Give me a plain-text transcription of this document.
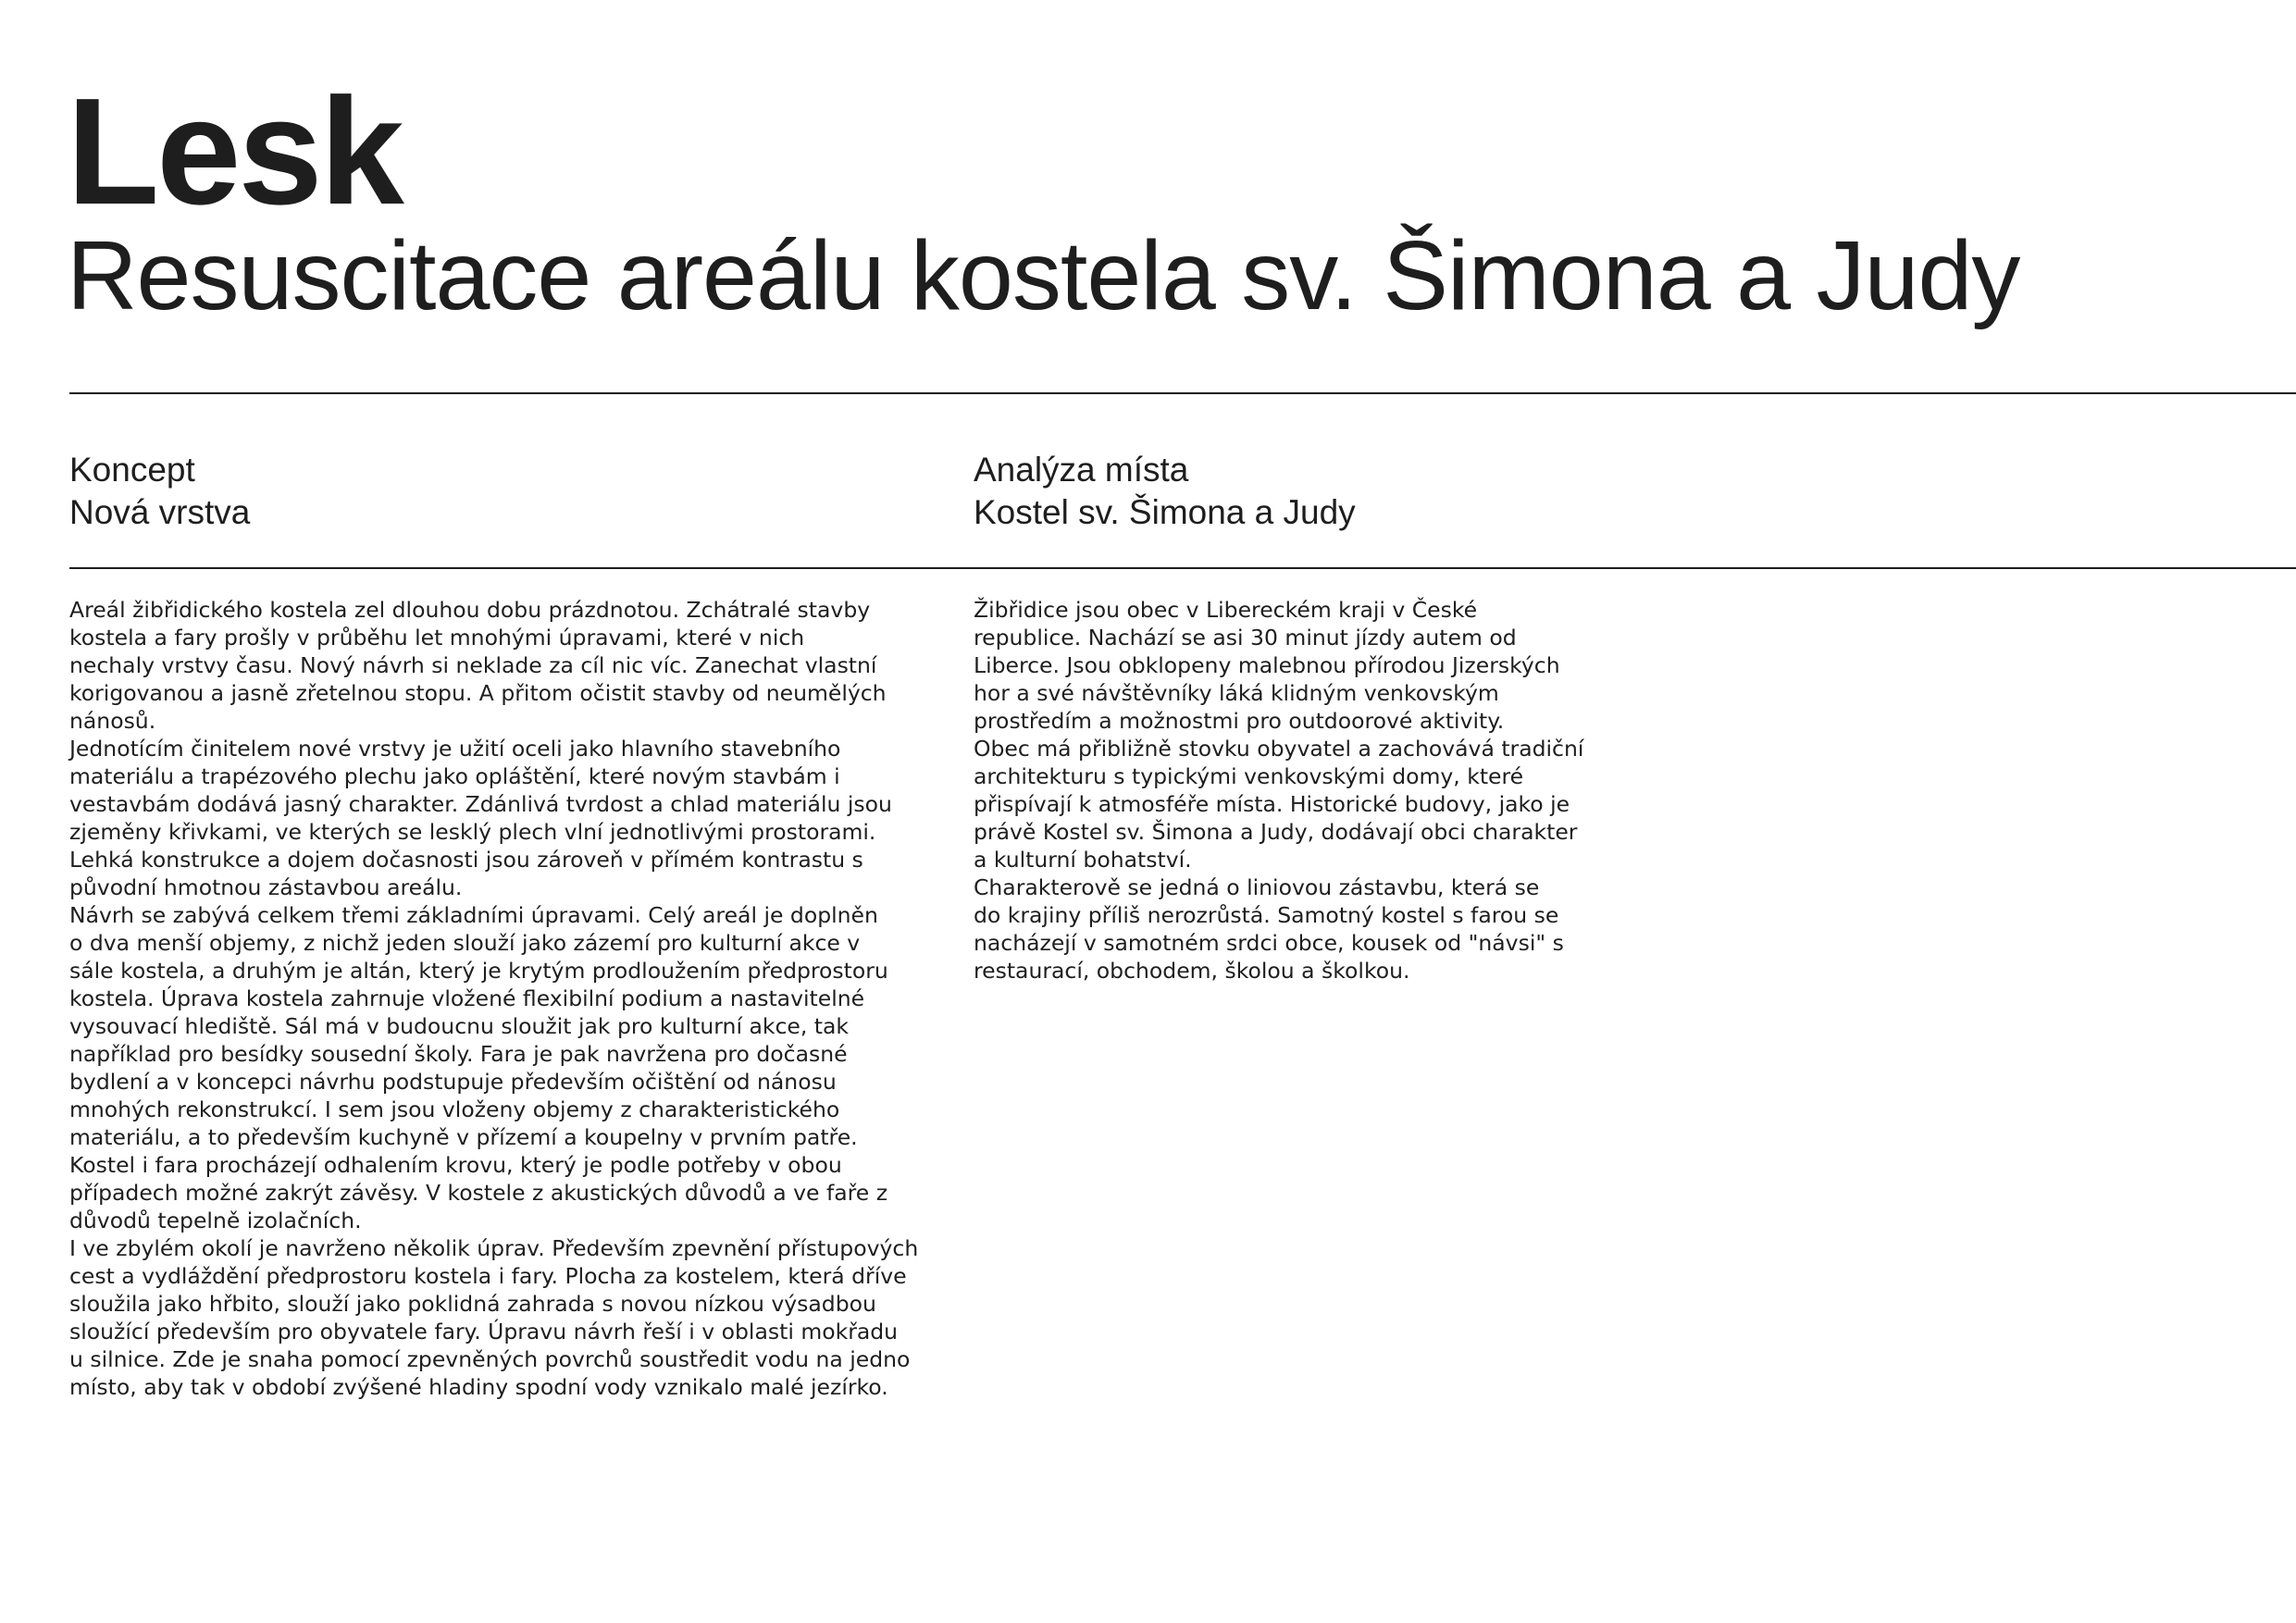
Lesk
Resuscitace areálu kostela sv. Šimona a Judy
Koncept
Nová vrstva
Analýza místa
Kostel sv. Šimona a Judy

Areál žibřidického kostela zel dlouhou dobu prázdnotou. Zchátralé stavby
kostela a fary prošly v průběhu let mnohými úpravami, které v nich
nechaly vrstvy času. Nový návrh si neklade za cíl nic víc. Zanechat vlastní
korigovanou a jasně zřetelnou stopu. A přitom očistit stavby od neumělých
nánosů.

Jednotícím činitelem nové vrstvy je užití oceli jako hlavního stavebního
materiálu a trapézového plechu jako opláštění, které novým stavbám i
vestavbám dodává jasný charakter. Zdánlivá tvrdost a chlad materiálu jsou
zjeměny křivkami, ve kterých se lesklý plech vlní jednotlivými prostorami.
Lehká konstrukce a dojem dočasnosti jsou zároveň v přímém kontrastu s
původní hmotnou zástavbou areálu.

Návrh se zabývá celkem třemi základními úpravami. Celý areál je doplněn
o dva menší objemy, z nichž jeden slouží jako zázemí pro kulturní akce v
sále kostela, a druhým je altán, který je krytým prodloužením předprostoru
kostela. Úprava kostela zahrnuje vložené flexibilní podium a nastavitelné
vysouvací hlediště. Sál má v budoucnu sloužit jak pro kulturní akce, tak
například pro besídky sousední školy. Fara je pak navržena pro dočasné
bydlení a v koncepci návrhu podstupuje především očištění od nánosu
mnohých rekonstrukcí. I sem jsou vloženy objemy z charakteristického
materiálu, a to především kuchyně v přízemí a koupelny v prvním patře.
Kostel i fara procházejí odhalením krovu, který je podle potřeby v obou
případech možné zakrýt závěsy. V kostele z akustických důvodů a ve faře z
důvodů tepelně izolačních.

I ve zbylém okolí je navrženo několik úprav. Především zpevnění přístupových
cest a vydláždění předprostoru kostela i fary. Plocha za kostelem, která dříve
sloužila jako hřbito, slouží jako poklidná zahrada s novou nízkou výsadbou
sloužící především pro obyvatele fary. Úpravu návrh řeší i v oblasti mokřadu
u silnice. Zde je snaha pomocí zpevněných povrchů soustředit vodu na jedno
místo, aby tak v období zvýšené hladiny spodní vody vznikalo malé jezírko.

Žibřidice jsou obec v Libereckém kraji v České
republice. Nachází se asi 30 minut jízdy autem od
Liberce. Jsou obklopeny malebnou přírodou Jizerských
hor a své návštěvníky láká klidným venkovským
prostředím a možnostmi pro outdoorové aktivity.

Obec má přibližně stovku obyvatel a zachovává tradiční
architekturu s typickými venkovskými domy, které
přispívají k atmosféře místa. Historické budovy, jako je
právě Kostel sv. Šimona a Judy, dodávají obci charakter
a kulturní bohatství.

Charakterově se jedná o liniovou zástavbu, která se
do krajiny příliš nerozrůstá. Samotný kostel s farou se
nacházejí v samotném srdci obce, kousek od "návsi" s
restaurací, obchodem, školou a školkou.
